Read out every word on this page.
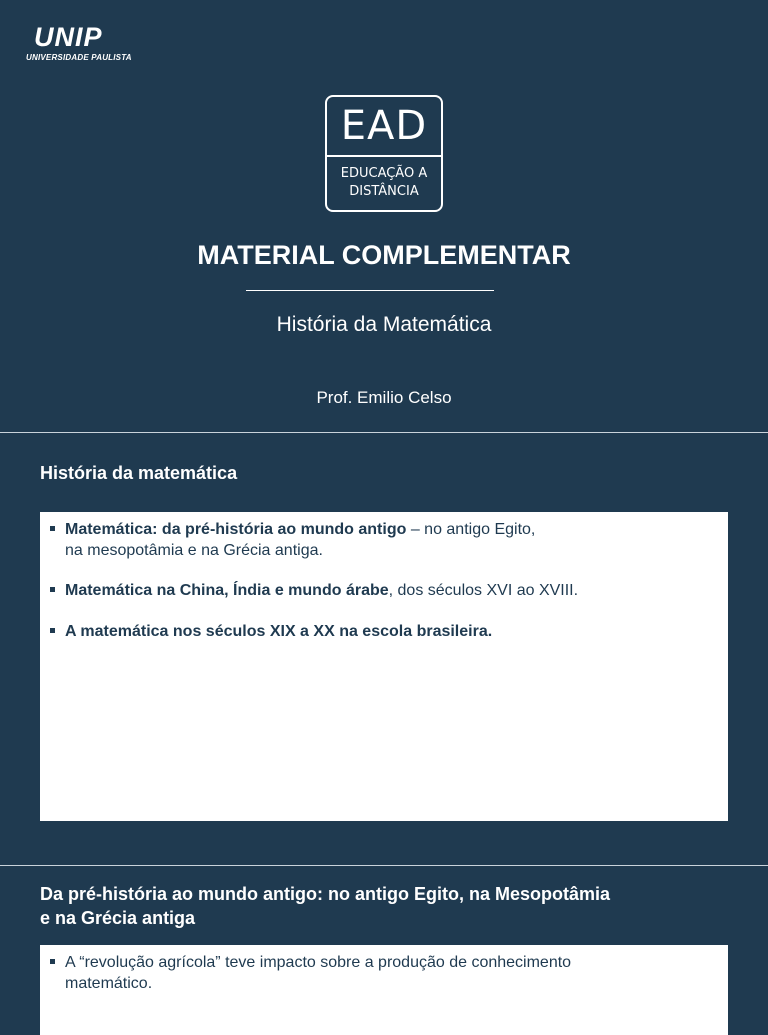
UNIP
UNIVERSIDADE PAULISTA
EAD
EDUCAÇÃO A
DISTÂNCIA
MATERIAL COMPLEMENTAR
História da Matemática
Prof. Emilio Celso
História da matemática
Matemática: da pré-história ao mundo antigo – no antigo Egito,
na mesopotâmia e na Grécia antiga.
Matemática na China, Índia e mundo árabe, dos séculos XVI ao XVIII.
A matemática nos séculos XIX a XX na escola brasileira.
Da pré-história ao mundo antigo: no antigo Egito, na Mesopotâmia
e na Grécia antiga
A “revolução agrícola” teve impacto sobre a produção de conhecimento
matemático.
